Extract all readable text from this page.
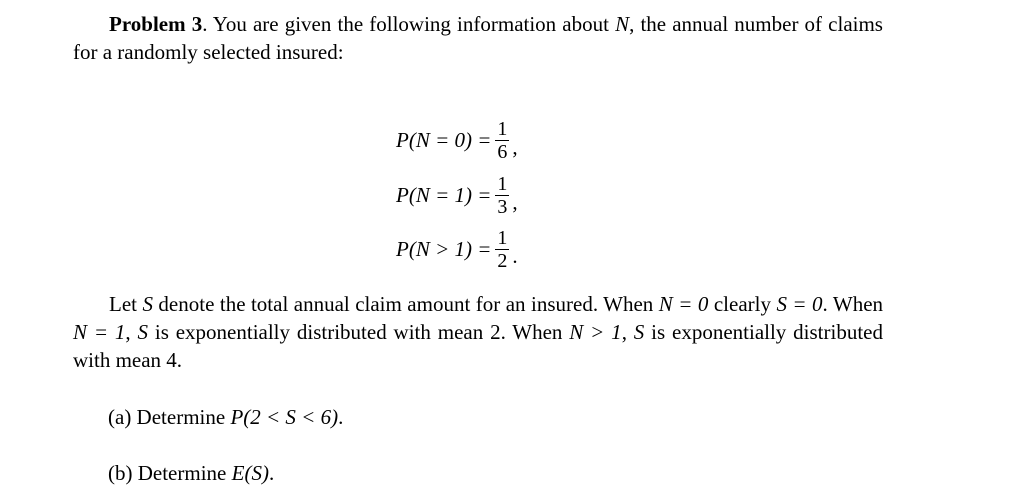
Problem 3. You are given the following information about N, the annual number of claims for a randomly selected insured:

$P(N = 0) = \frac{1}{6}$ ,
$P(N = 1) = \frac{1}{3}$ ,
$P(N > 1) = \frac{1}{2}$ .

Let S denote the total annual claim amount for an insured. When N = 0 clearly S = 0. When N = 1, S is exponentially distributed with mean 2. When N > 1, S is exponentially distributed with mean 4.

(a) Determine P(2 < S < 6).
(b) Determine E(S).
